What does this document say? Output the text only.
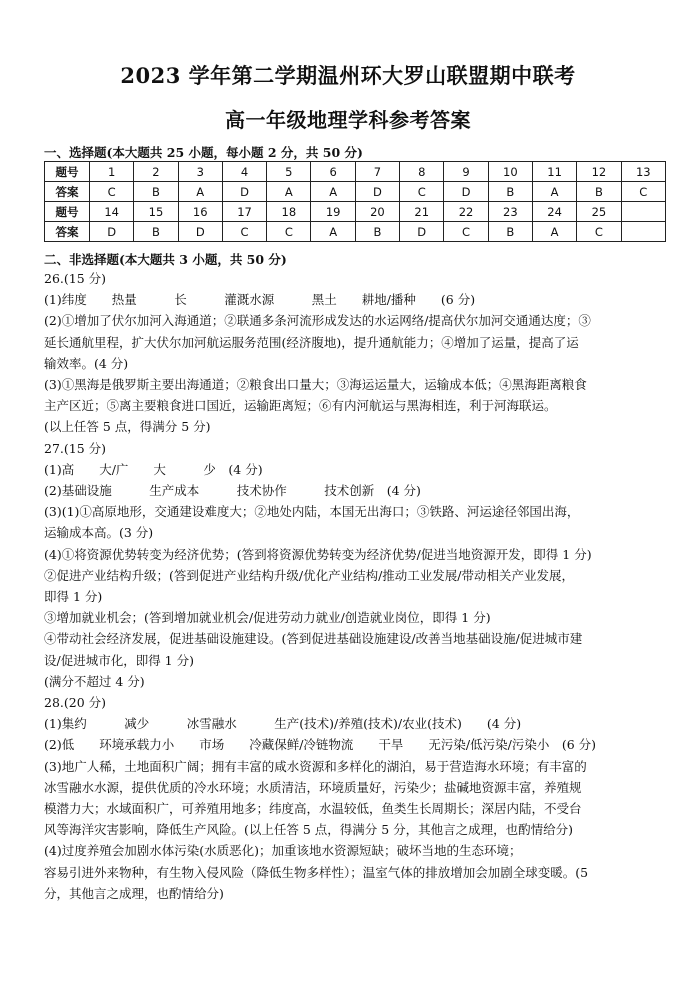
2023 学年第二学期温州环大罗山联盟期中联考
高一年级地理学科参考答案
一、选择题(本大题共 25 小题，每小题 2 分，共 50 分)
题号	1	2	3	4	5	6	7	8	9	10	11	12	13
答案	C	B	A	D	A	A	D	C	D	B	A	B	C
题号	14	15	16	17	18	19	20	21	22	23	24	25	
答案	D	B	D	C	C	A	B	D	C	B	A	C	
二、非选择题(本大题共 3 小题，共 50 分)

26.(15 分)

(1)纬度　　热量　　　长　　　灌溉水源　　　黑土　　耕地/播种　　(6 分)

(2)①增加了伏尔加河入海通道；②联通多条河流形成发达的水运网络/提高伏尔加河交通通达度；③

延长通航里程，扩大伏尔加河航运服务范围(经济腹地)，提升通航能力；④增加了运量，提高了运

输效率。(4 分)

(3)①黑海是俄罗斯主要出海通道；②粮食出口量大；③海运运量大，运输成本低；④黑海距离粮食

主产区近；⑤离主要粮食进口国近，运输距离短；⑥有内河航运与黑海相连，利于河海联运。

(以上任答 5 点，得满分 5 分)

27.(15 分)

(1)高　　大/广　　大　　　少　(4 分)

(2)基础设施　　　生产成本　　　技术协作　　　技术创新　(4 分)

(3)(1)①高原地形，交通建设难度大；②地处内陆，本国无出海口；③铁路、河运途径邻国出海，

运输成本高。(3 分)

(4)①将资源优势转变为经济优势；(答到将资源优势转变为经济优势/促进当地资源开发，即得 1 分)

②促进产业结构升级；(答到促进产业结构升级/优化产业结构/推动工业发展/带动相关产业发展，

即得 1 分)

③增加就业机会；(答到增加就业机会/促进劳动力就业/创造就业岗位，即得 1 分)

④带动社会经济发展，促进基础设施建设。(答到促进基础设施建设/改善当地基础设施/促进城市建

设/促进城市化，即得 1 分)

(满分不超过 4 分)

28.(20 分)

(1)集约　　　减少　　　冰雪融水　　　生产(技术)/养殖(技术)/农业(技术)　　(4 分)

(2)低　　环境承载力小　　市场　　冷藏保鲜/冷链物流　　干旱　　无污染/低污染/污染小　(6 分)

(3)地广人稀，土地面积广阔；拥有丰富的咸水资源和多样化的湖泊，易于营造海水环境；有丰富的

冰雪融水水源，提供优质的冷水环境；水质清洁，环境质量好，污染少；盐碱地资源丰富，养殖规

模潜力大；水域面积广，可养殖用地多；纬度高，水温较低，鱼类生长周期长；深居内陆，不受台

风等海洋灾害影响，降低生产风险。(以上任答 5 点，得满分 5 分，其他言之成理，也酌情给分)

(4)过度养殖会加剧水体污染(水质恶化)；加重该地水资源短缺；破坏当地的生态环境；

容易引进外来物种，有生物入侵风险（降低生物多样性）；温室气体的排放增加会加剧全球变暖。(5

分，其他言之成理，也酌情给分)
